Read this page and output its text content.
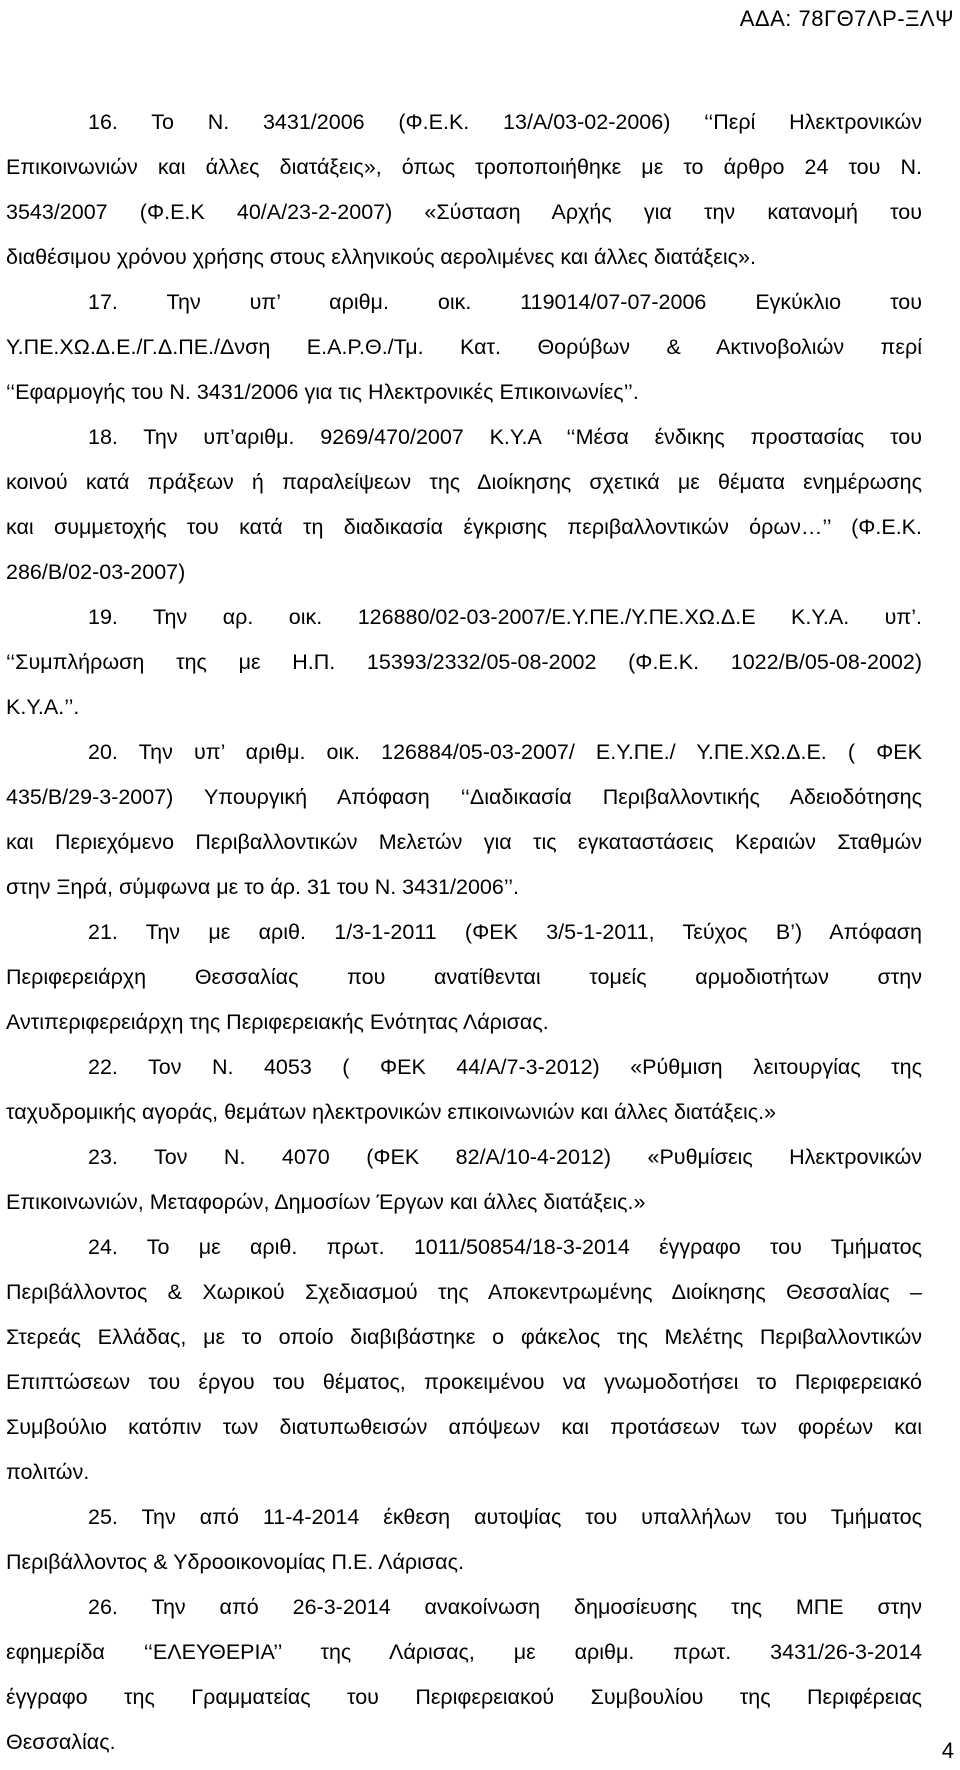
ΑΔΑ: 78ΓΘ7ΛΡ-ΞΛΨ
16. Το Ν. 3431/2006 (Φ.Ε.Κ. 13/Α/03-02-2006) ‘‘Περί Ηλεκτρονικών
Επικοινωνιών και άλλες διατάξεις», όπως τροποποιήθηκε με το άρθρο 24 του Ν.
3543/2007 (Φ.Ε.Κ 40/Α/23-2-2007) «Σύσταση Αρχής για την κατανομή του
διαθέσιμου χρόνου χρήσης στους ελληνικούς αερολιμένες και άλλες διατάξεις».
17. Την υπ’ αριθμ. οικ. 119014/07-07-2006 Εγκύκλιο του
Υ.ΠΕ.ΧΩ.Δ.Ε./Γ.Δ.ΠΕ./Δνση Ε.Α.Ρ.Θ./Τμ. Κατ. Θορύβων & Ακτινοβολιών περί
‘‘Εφαρμογής του Ν. 3431/2006 για τις Ηλεκτρονικές Επικοινωνίες’’.
18. Την υπ’αριθμ. 9269/470/2007 Κ.Υ.Α ‘‘Μέσα ένδικης προστασίας του
κοινού κατά πράξεων ή παραλείψεων της Διοίκησης σχετικά με θέματα ενημέρωσης
και συμμετοχής του κατά τη διαδικασία έγκρισης περιβαλλοντικών όρων…’’ (Φ.Ε.Κ.
286/Β/02-03-2007)
19. Την αρ. οικ. 126880/02-03-2007/Ε.Υ.ΠΕ./Υ.ΠΕ.ΧΩ.Δ.Ε Κ.Υ.Α. υπ’.
‘‘Συμπλήρωση της με Η.Π. 15393/2332/05-08-2002 (Φ.Ε.Κ. 1022/Β/05-08-2002)
Κ.Υ.Α.’’.
20. Την υπ’ αριθμ. οικ. 126884/05-03-2007/ Ε.Υ.ΠΕ./ Υ.ΠΕ.ΧΩ.Δ.Ε. ( ΦΕΚ
435/Β/29-3-2007) Υπουργική Απόφαση ‘‘Διαδικασία Περιβαλλοντικής Αδειοδότησης
και Περιεχόμενο Περιβαλλοντικών Μελετών για τις εγκαταστάσεις Κεραιών Σταθμών
στην Ξηρά, σύμφωνα με το άρ. 31 του Ν. 3431/2006’’.
21. Την με αριθ. 1/3-1-2011 (ΦΕΚ 3/5-1-2011, Τεύχος Β’) Απόφαση
Περιφερειάρχη Θεσσαλίας που ανατίθενται τομείς αρμοδιοτήτων στην
Αντιπεριφερειάρχη της Περιφερειακής Ενότητας Λάρισας.
22. Τον Ν. 4053 ( ΦΕΚ 44/Α/7-3-2012) «Ρύθμιση λειτουργίας της
ταχυδρομικής αγοράς, θεμάτων ηλεκτρονικών επικοινωνιών και άλλες διατάξεις.»
23. Τον Ν. 4070 (ΦΕΚ 82/Α/10-4-2012) «Ρυθμίσεις Ηλεκτρονικών
Επικοινωνιών, Μεταφορών, Δημοσίων Έργων και άλλες διατάξεις.»
24. Το με αριθ. πρωτ. 1011/50854/18-3-2014 έγγραφο του Τμήματος
Περιβάλλοντος & Χωρικού Σχεδιασμού της Αποκεντρωμένης Διοίκησης Θεσσαλίας –
Στερεάς Ελλάδας, με το οποίο διαβιβάστηκε ο φάκελος της Μελέτης Περιβαλλοντικών
Επιπτώσεων του έργου του θέματος, προκειμένου να γνωμοδοτήσει το Περιφερειακό
Συμβούλιο κατόπιν των διατυπωθεισών απόψεων και προτάσεων των φορέων και
πολιτών.
25. Την από 11-4-2014 έκθεση αυτοψίας του υπαλλήλων του Τμήματος
Περιβάλλοντος & Υδροοικονομίας Π.Ε. Λάρισας.
26. Την από 26-3-2014 ανακοίνωση δημοσίευσης της ΜΠΕ στην
εφημερίδα ‘‘ΕΛΕΥΘΕΡΙΑ’’ της Λάρισας, με αριθμ. πρωτ. 3431/26-3-2014
έγγραφο της Γραμματείας του Περιφερειακού Συμβουλίου της Περιφέρειας
Θεσσαλίας.	4
